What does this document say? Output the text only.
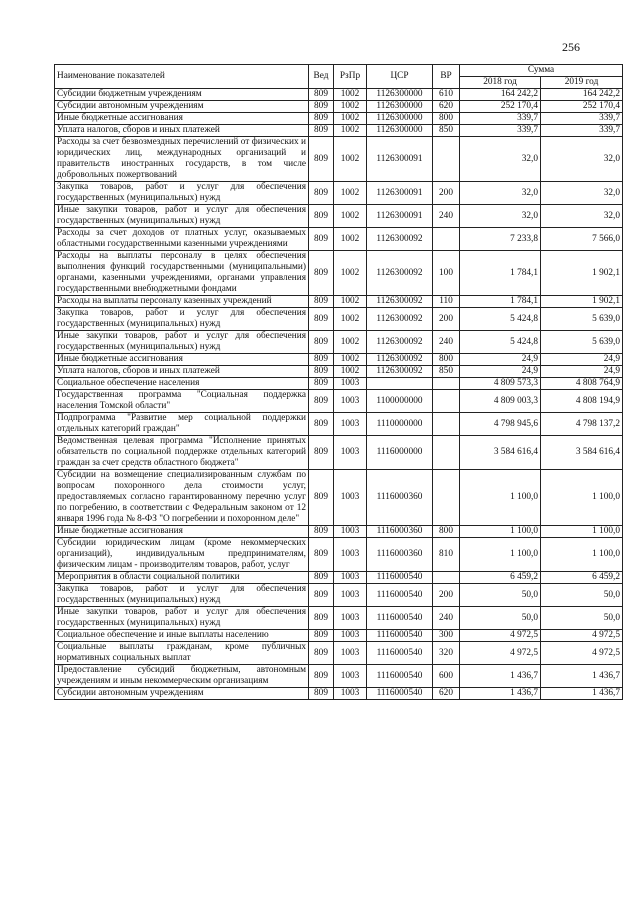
256
Наименование показателей	Вед	РзПр	ЦСР	ВР	Сумма	
					2018 год	2019 год
Субсидии бюджетным учреждениям	809	1002	1126300000	610	164 242,2	164 242,2
Субсидии автономным учреждениям	809	1002	1126300000	620	252 170,4	252 170,4
Иные бюджетные ассигнования	809	1002	1126300000	800	339,7	339,7
Уплата налогов, сборов и иных платежей	809	1002	1126300000	850	339,7	339,7
Расходы за счет безвозмездных перечислений от физических и юридических лиц, международных организаций и правительств иностранных государств, в том числе добровольных пожертвований	809	1002	1126300091		32,0	32,0
Закупка товаров, работ и услуг для обеспечения государственных (муниципальных) нужд	809	1002	1126300091	200	32,0	32,0
Иные закупки товаров, работ и услуг для обеспечения государственных (муниципальных) нужд	809	1002	1126300091	240	32,0	32,0
Расходы за счет доходов от платных услуг, оказываемых областными государственными казенными учреждениями	809	1002	1126300092		7 233,8	7 566,0
Расходы на выплаты персоналу в целях обеспечения выполнения функций государственными (муниципальными) органами, казенными учреждениями, органами управления государственными внебюджетными фондами	809	1002	1126300092	100	1 784,1	1 902,1
Расходы на выплаты персоналу казенных учреждений	809	1002	1126300092	110	1 784,1	1 902,1
Закупка товаров, работ и услуг для обеспечения государственных (муниципальных) нужд	809	1002	1126300092	200	5 424,8	5 639,0
Иные закупки товаров, работ и услуг для обеспечения государственных (муниципальных) нужд	809	1002	1126300092	240	5 424,8	5 639,0
Иные бюджетные ассигнования	809	1002	1126300092	800	24,9	24,9
Уплата налогов, сборов и иных платежей	809	1002	1126300092	850	24,9	24,9
Социальное обеспечение населения	809	1003			4 809 573,3	4 808 764,9
Государственная программа "Социальная поддержка населения Томской области"	809	1003	1100000000		4 809 003,3	4 808 194,9
Подпрограмма "Развитие мер социальной поддержки отдельных категорий граждан"	809	1003	1110000000		4 798 945,6	4 798 137,2
Ведомственная целевая программа "Исполнение принятых обязательств по социальной поддержке отдельных категорий граждан за счет средств областного бюджета"	809	1003	1116000000		3 584 616,4	3 584 616,4
Субсидии на возмещение специализированным службам по вопросам похоронного дела стоимости услуг, предоставляемых согласно гарантированному перечню услуг по погребению, в соответствии с Федеральным законом от 12 января 1996 года № 8-ФЗ "О погребении и похоронном деле"	809	1003	1116000360		1 100,0	1 100,0
Иные бюджетные ассигнования	809	1003	1116000360	800	1 100,0	1 100,0
Субсидии юридическим лицам (кроме некоммерческих организаций), индивидуальным предпринимателям, физическим лицам - производителям товаров, работ, услуг	809	1003	1116000360	810	1 100,0	1 100,0
Мероприятия в области социальной политики	809	1003	1116000540		6 459,2	6 459,2
Закупка товаров, работ и услуг для обеспечения государственных (муниципальных) нужд	809	1003	1116000540	200	50,0	50,0
Иные закупки товаров, работ и услуг для обеспечения государственных (муниципальных) нужд	809	1003	1116000540	240	50,0	50,0
Социальное обеспечение и иные выплаты населению	809	1003	1116000540	300	4 972,5	4 972,5
Социальные выплаты гражданам, кроме публичных нормативных социальных выплат	809	1003	1116000540	320	4 972,5	4 972,5
Предоставление субсидий бюджетным, автономным учреждениям и иным некоммерческим организациям	809	1003	1116000540	600	1 436,7	1 436,7
Субсидии автономным учреждениям	809	1003	1116000540	620	1 436,7	1 436,7
